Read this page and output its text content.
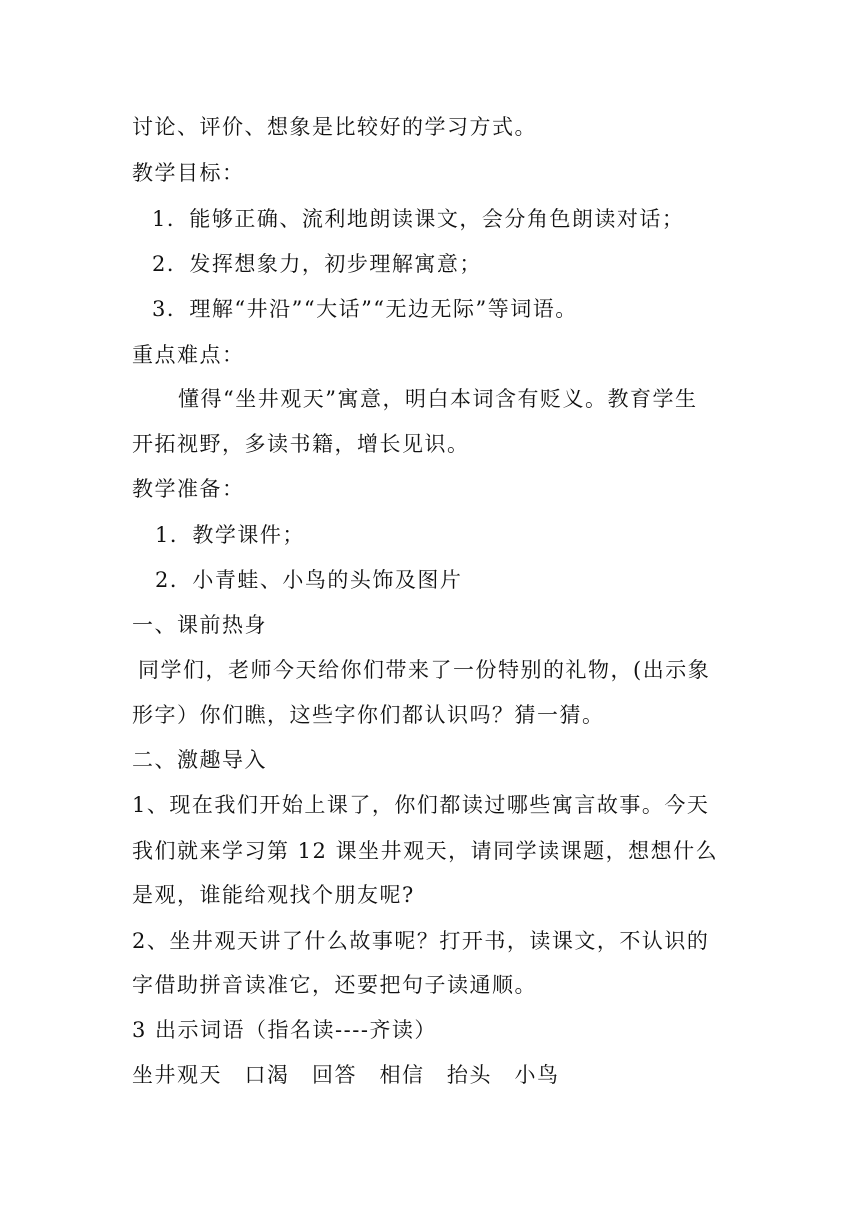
讨论、评价、想象是比较好的学习方式。
教学目标：
1．能够正确、流利地朗读课文，会分角色朗读对话；
2．发挥想象力，初步理解寓意；
3．理解“井沿”“大话”“无边无际”等词语。
重点难点：
懂得“坐井观天”寓意，明白本词含有贬义。教育学生
开拓视野，多读书籍，增长见识。
教学准备：
1．教学课件；
2．小青蛙、小鸟的头饰及图片
一、课前热身
同学们，老师今天给你们带来了一份特别的礼物，(出示象
形字）你们瞧，这些字你们都认识吗？猜一猜。
二、激趣导入
1、现在我们开始上课了，你们都读过哪些寓言故事。今天
我们就来学习第 12 课坐井观天，请同学读课题，想想什么
是观，谁能给观找个朋友呢?
2、坐井观天讲了什么故事呢？打开书，读课文，不认识的
字借助拼音读准它，还要把句子读通顺。
3 出示词语（指名读----齐读）
坐井观天　口渴　回答　相信　抬头　小鸟
